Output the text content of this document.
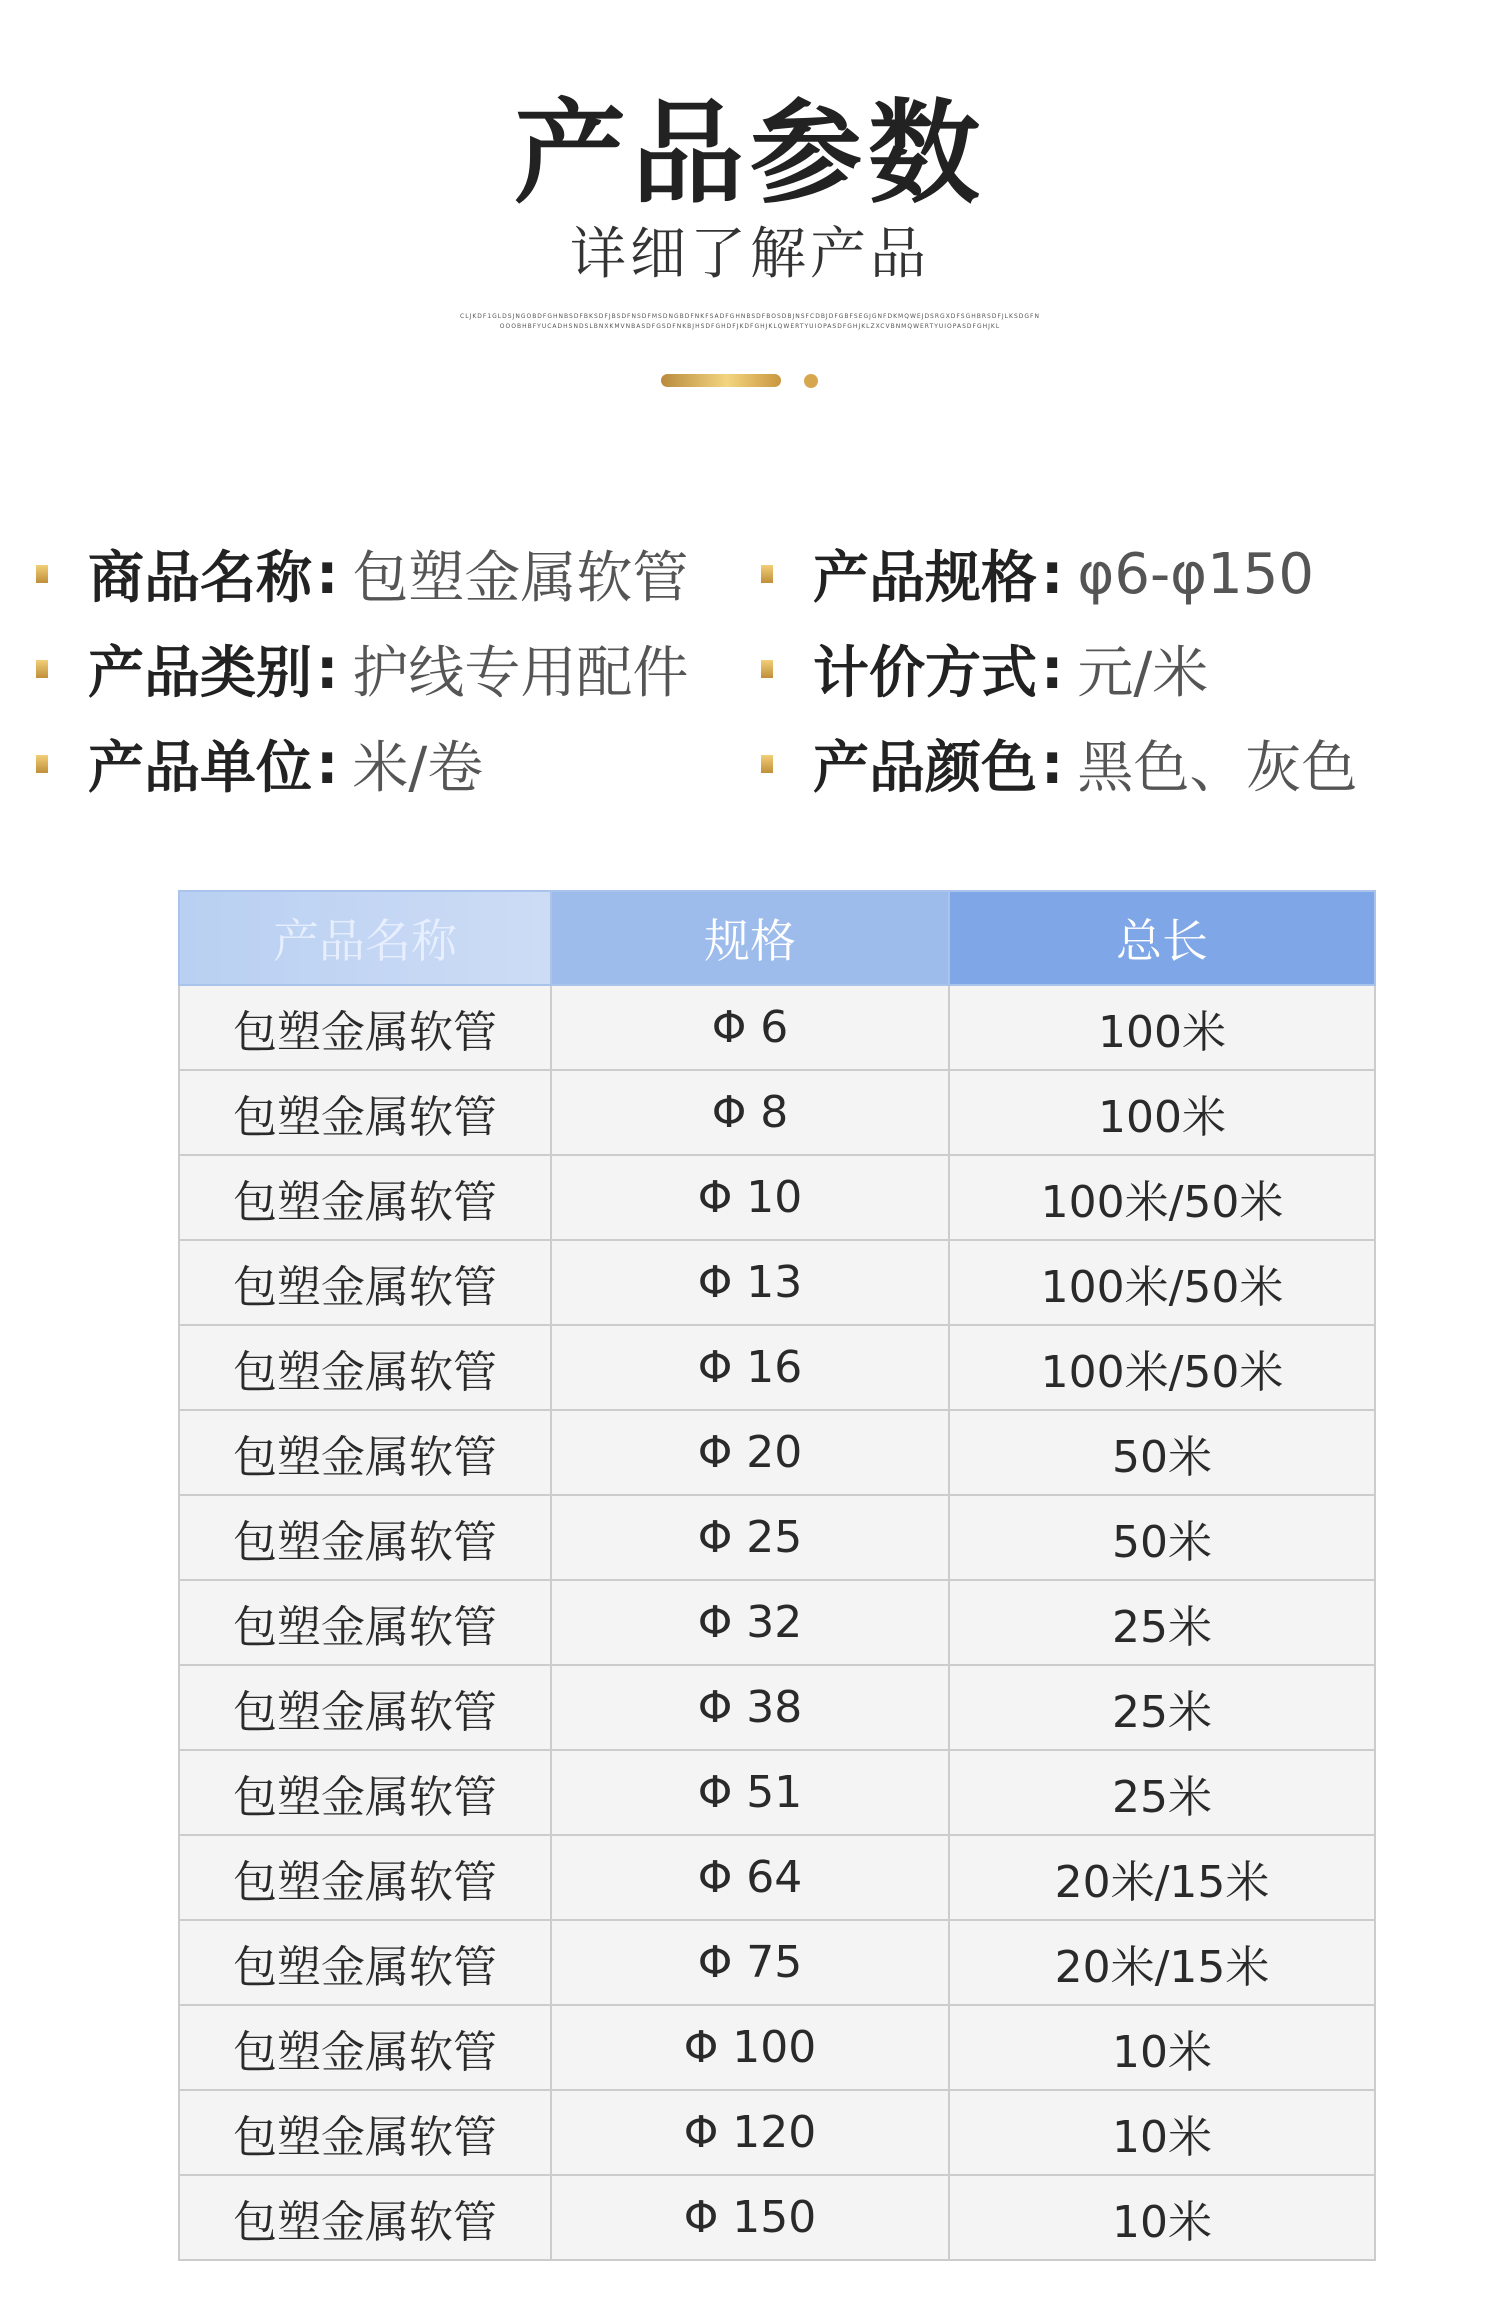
产品参数
详细了解产品
CLJKDF1GLDSJNGOBDFGHNBSDFBKSDFJBSDFNSDFMSDNGBDFNKFSADFGHNBSDFBOSDBJNSFCDBJDFGBFSEGJGNFDKMQWEJDSRGXDFSGHBRSDFJLKSDGFNOOOBHBFYUCADHSNDSLBNXKMVNBASDFGSDFNKBJHSDFGHDFJKDFGHJKLQWERTYUIOPASDFGHJKLZXCVBNMQWERTYUIOPASDFGHJKL
商品名称 : 包塑金属软管 产品规格 : φ6-φ150
产品类别 : 护线专用配件 计价方式 : 元/米
产品单位 : 米/卷	产品颜色 : 黑色、灰色
产品名称	规格	总长
包塑金属软管	Φ 6	100米
包塑金属软管	Φ 8	100米
包塑金属软管	Φ 10	100米/50米
包塑金属软管	Φ 13	100米/50米
包塑金属软管	Φ 16	100米/50米
包塑金属软管	Φ 20	50米
包塑金属软管	Φ 25	50米
包塑金属软管	Φ 32	25米
包塑金属软管	Φ 38	25米
包塑金属软管	Φ 51	25米
包塑金属软管	Φ 64	20米/15米
包塑金属软管	Φ 75	20米/15米
包塑金属软管	Φ 100	10米
包塑金属软管	Φ 120	10米
包塑金属软管	Φ 150	10米
